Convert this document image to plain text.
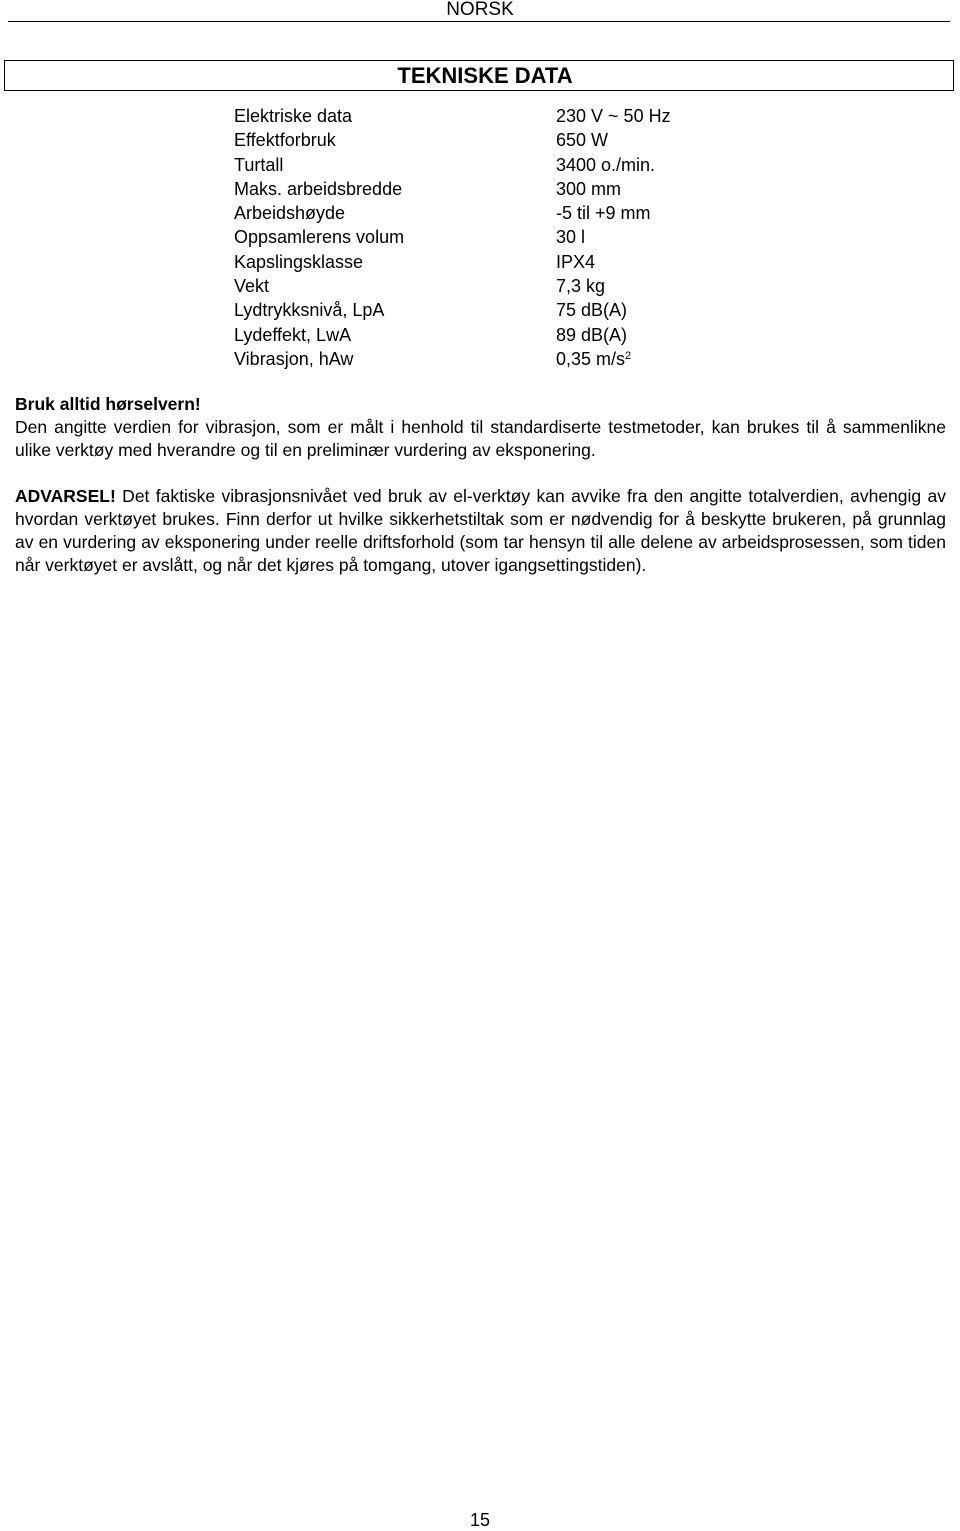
NORSK
TEKNISKE DATA
Elektriske data	230 V ~ 50 Hz
Effektforbruk	650 W
Turtall	3400 o./min.
Maks. arbeidsbredde	300 mm
Arbeidshøyde	-5 til +9 mm
Oppsamlerens volum	30 l
Kapslingsklasse	IPX4
Vekt	7,3 kg
Lydtrykksnivå, LpA	75 dB(A)
Lydeffekt, LwA	89 dB(A)
Vibrasjon, hAw	0,35 $m/s^2$
Bruk alltid hørselvern!
Den angitte verdien for vibrasjon, som er målt i henhold til standardiserte testmetoder, kan brukes til å sammenlikne ulike verktøy med hverandre og til en preliminær vurdering av eksponering.
ADVARSEL! Det faktiske vibrasjonsnivået ved bruk av el-verktøy kan avvike fra den angitte totalverdien, avhengig av hvordan verktøyet brukes. Finn derfor ut hvilke sikkerhetstiltak som er nødvendig for å beskytte brukeren, på grunnlag av en vurdering av eksponering under reelle driftsforhold (som tar hensyn til alle delene av arbeidsprosessen, som tiden når verktøyet er avslått, og når det kjøres på tomgang, utover igangsettingstiden).
15
